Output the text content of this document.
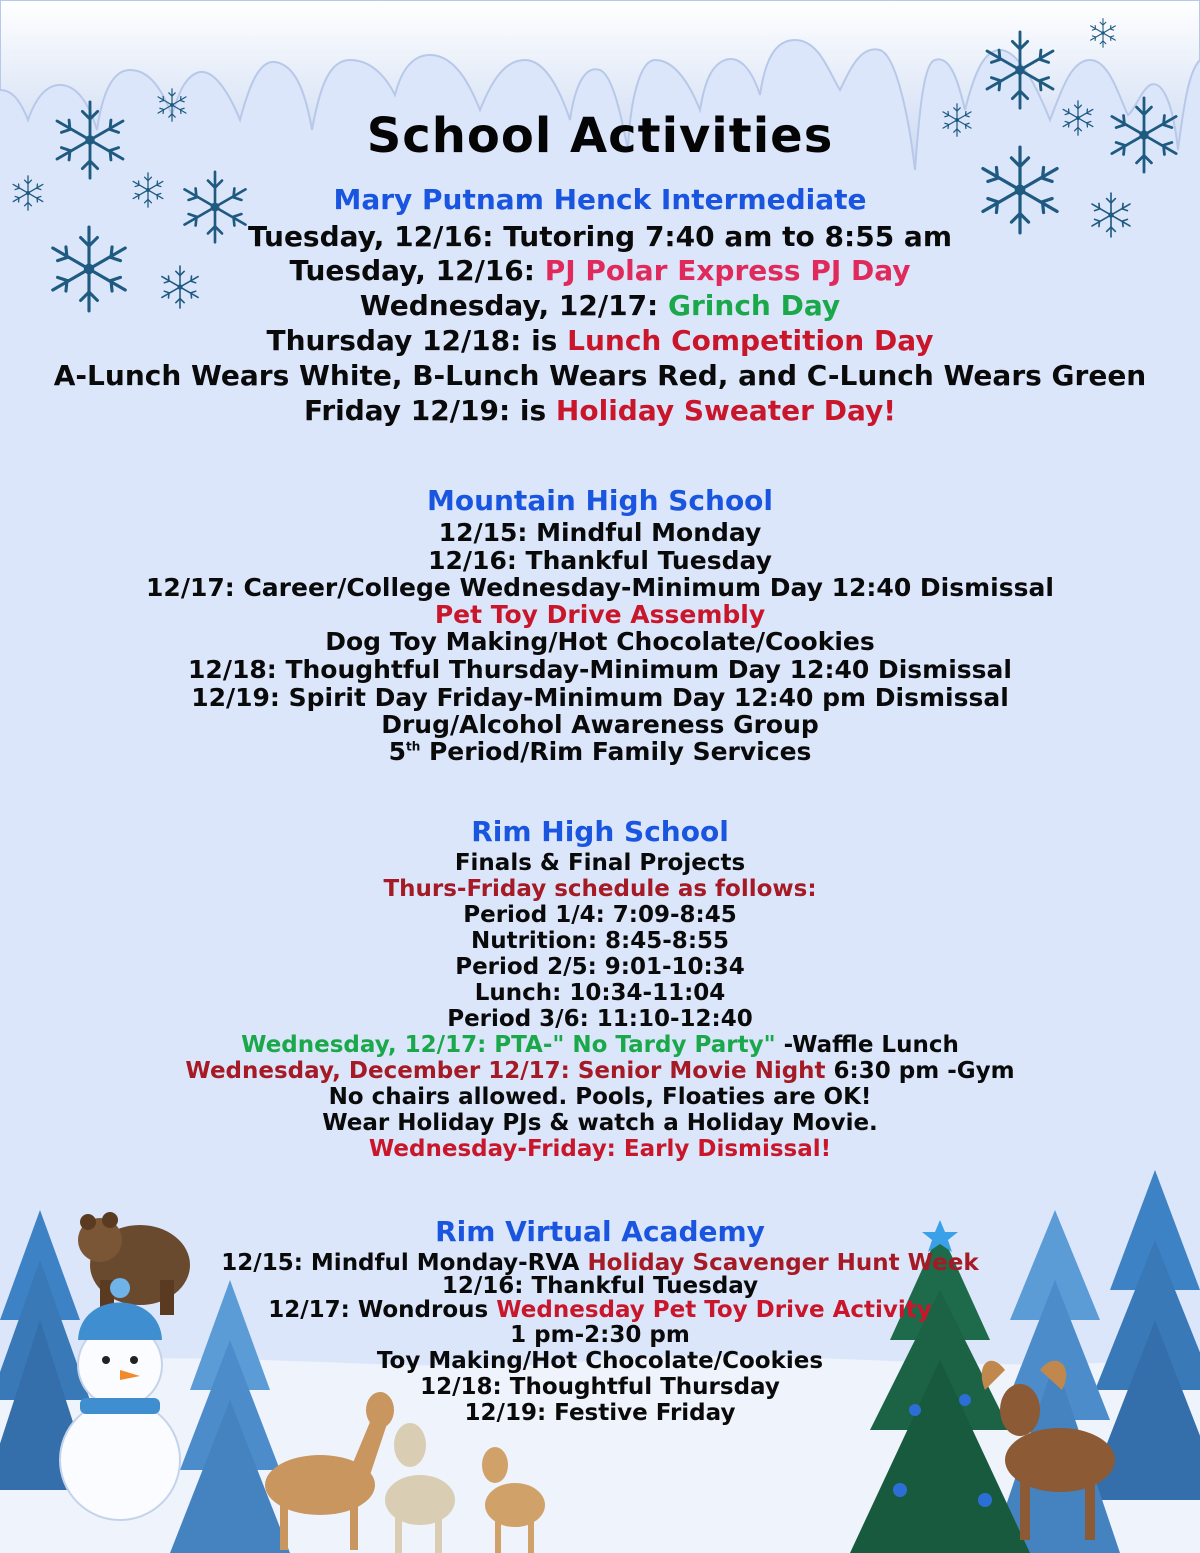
School Activities
Mary Putnam Henck Intermediate
Tuesday, 12/16: Tutoring 7:40 am to 8:55 am
Tuesday, 12/16: PJ Polar Express PJ Day
Wednesday, 12/17: Grinch Day
Thursday 12/18: is Lunch Competition Day
A-Lunch Wears White, B-Lunch Wears Red, and C-Lunch Wears Green
Friday 12/19: is Holiday Sweater Day!
Mountain High School
12/15: Mindful Monday
12/16: Thankful Tuesday
12/17: Career/College Wednesday-Minimum Day 12:40 Dismissal
Pet Toy Drive Assembly
Dog Toy Making/Hot Chocolate/Cookies
12/18: Thoughtful Thursday-Minimum Day 12:40 Dismissal
12/19: Spirit Day Friday-Minimum Day 12:40 pm Dismissal
Drug/Alcohol Awareness Group
5th Period/Rim Family Services
Rim High School
Finals & Final Projects
Thurs-Friday schedule as follows:
Period 1/4: 7:09-8:45
Nutrition: 8:45-8:55
Period 2/5: 9:01-10:34
Lunch: 10:34-11:04
Period 3/6: 11:10-12:40
Wednesday, 12/17: PTA-" No Tardy Party" -Waffle Lunch
Wednesday, December 12/17: Senior Movie Night 6:30 pm -Gym
No chairs allowed. Pools, Floaties are OK!
Wear Holiday PJs & watch a Holiday Movie.
Wednesday-Friday: Early Dismissal!
Rim Virtual Academy
12/15: Mindful Monday-RVA Holiday Scavenger Hunt Week
12/16: Thankful Tuesday
12/17: Wondrous Wednesday Pet Toy Drive Activity
1 pm-2:30 pm
Toy Making/Hot Chocolate/Cookies
12/18: Thoughtful Thursday
12/19: Festive Friday
